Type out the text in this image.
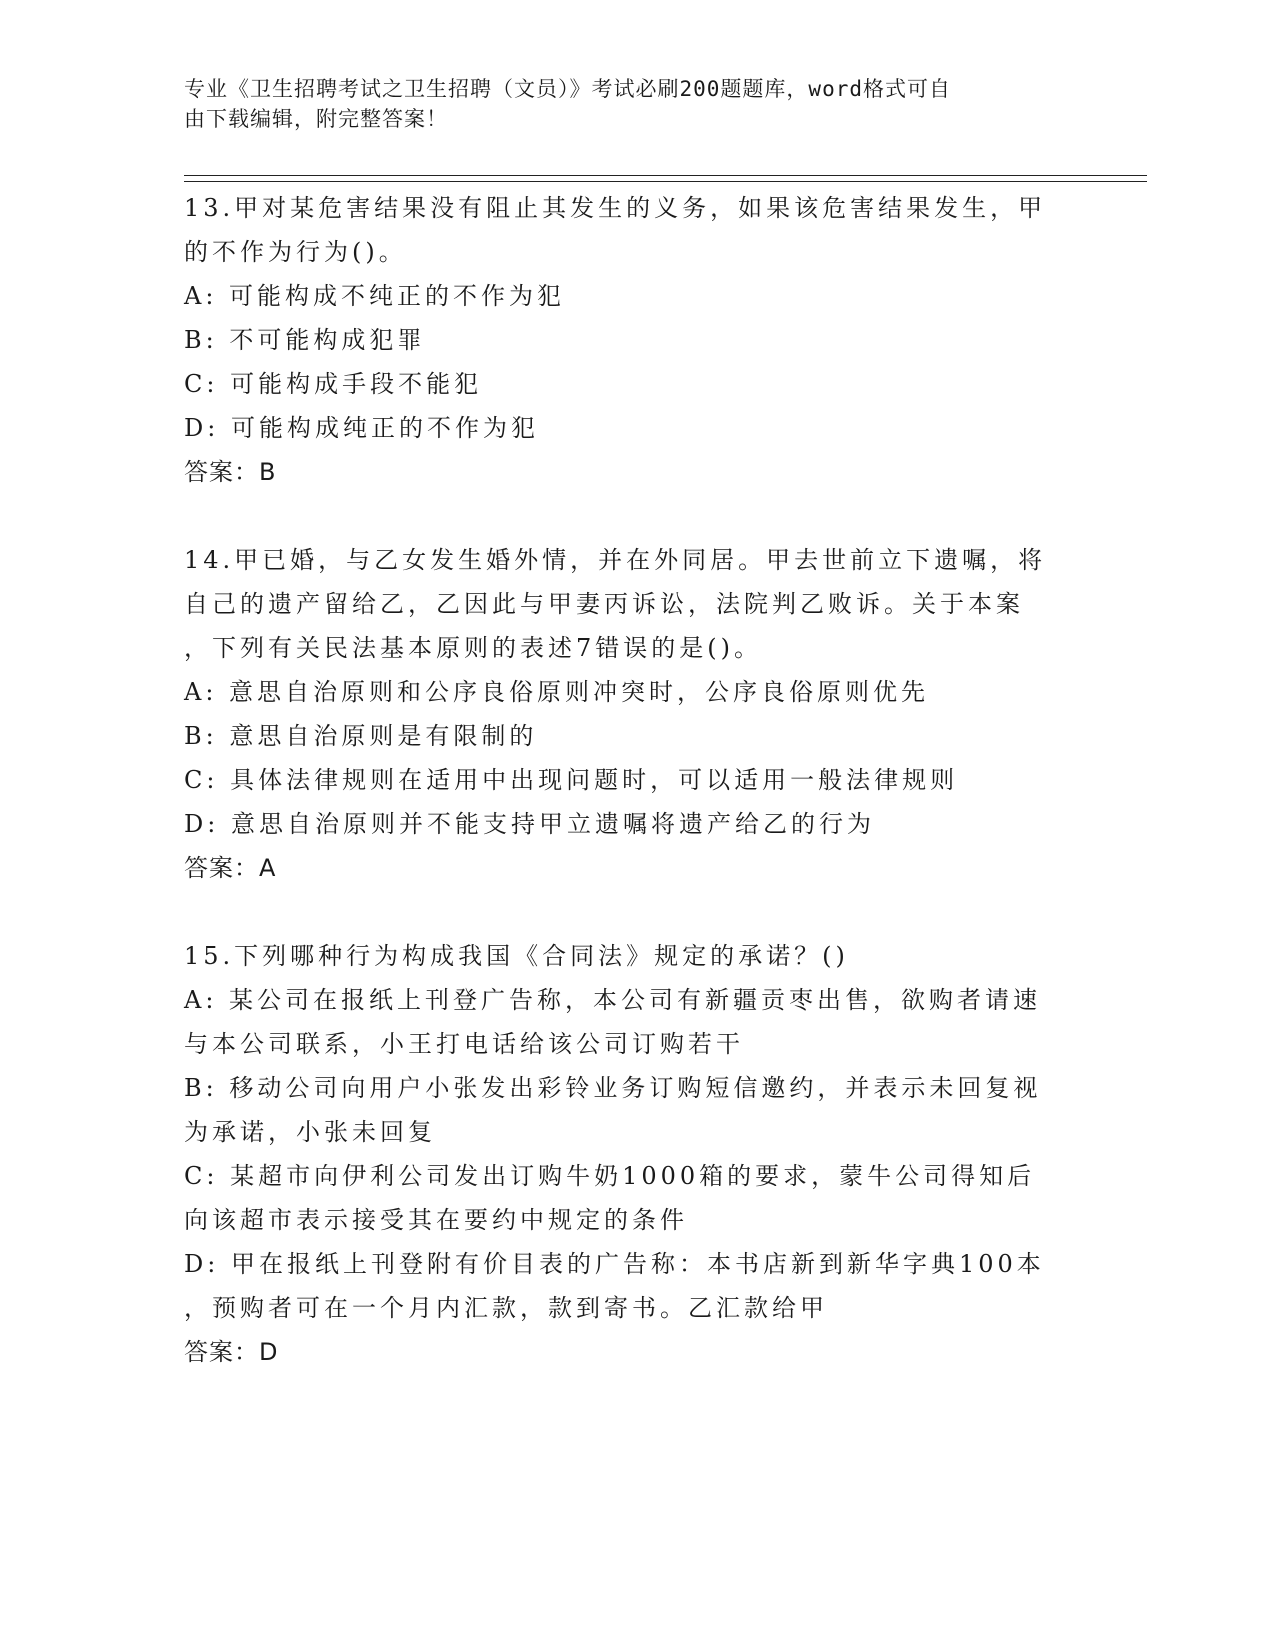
专业《卫生招聘考试之卫生招聘（文员）》考试必刷200题题库，word格式可自
由下载编辑，附完整答案！
13.甲对某危害结果没有阻止其发生的义务，如果该危害结果发生，甲
的不作为行为()。
A: 可能构成不纯正的不作为犯
B: 不可能构成犯罪
C: 可能构成手段不能犯
D: 可能构成纯正的不作为犯
答案：B
14.甲已婚，与乙女发生婚外情，并在外同居。甲去世前立下遗嘱，将
自己的遗产留给乙，乙因此与甲妻丙诉讼，法院判乙败诉。关于本案
，下列有关民法基本原则的表述7错误的是()。
A: 意思自治原则和公序良俗原则冲突时，公序良俗原则优先
B: 意思自治原则是有限制的
C: 具体法律规则在适用中出现问题时，可以适用一般法律规则
D: 意思自治原则并不能支持甲立遗嘱将遗产给乙的行为
答案：A
15.下列哪种行为构成我国《合同法》规定的承诺？()
A: 某公司在报纸上刊登广告称，本公司有新疆贡枣出售，欲购者请速
与本公司联系，小王打电话给该公司订购若干
B: 移动公司向用户小张发出彩铃业务订购短信邀约，并表示未回复视
为承诺，小张未回复
C: 某超市向伊利公司发出订购牛奶1000箱的要求，蒙牛公司得知后
向该超市表示接受其在要约中规定的条件
D: 甲在报纸上刊登附有价目表的广告称：本书店新到新华字典100本
，预购者可在一个月内汇款，款到寄书。乙汇款给甲
答案：D
